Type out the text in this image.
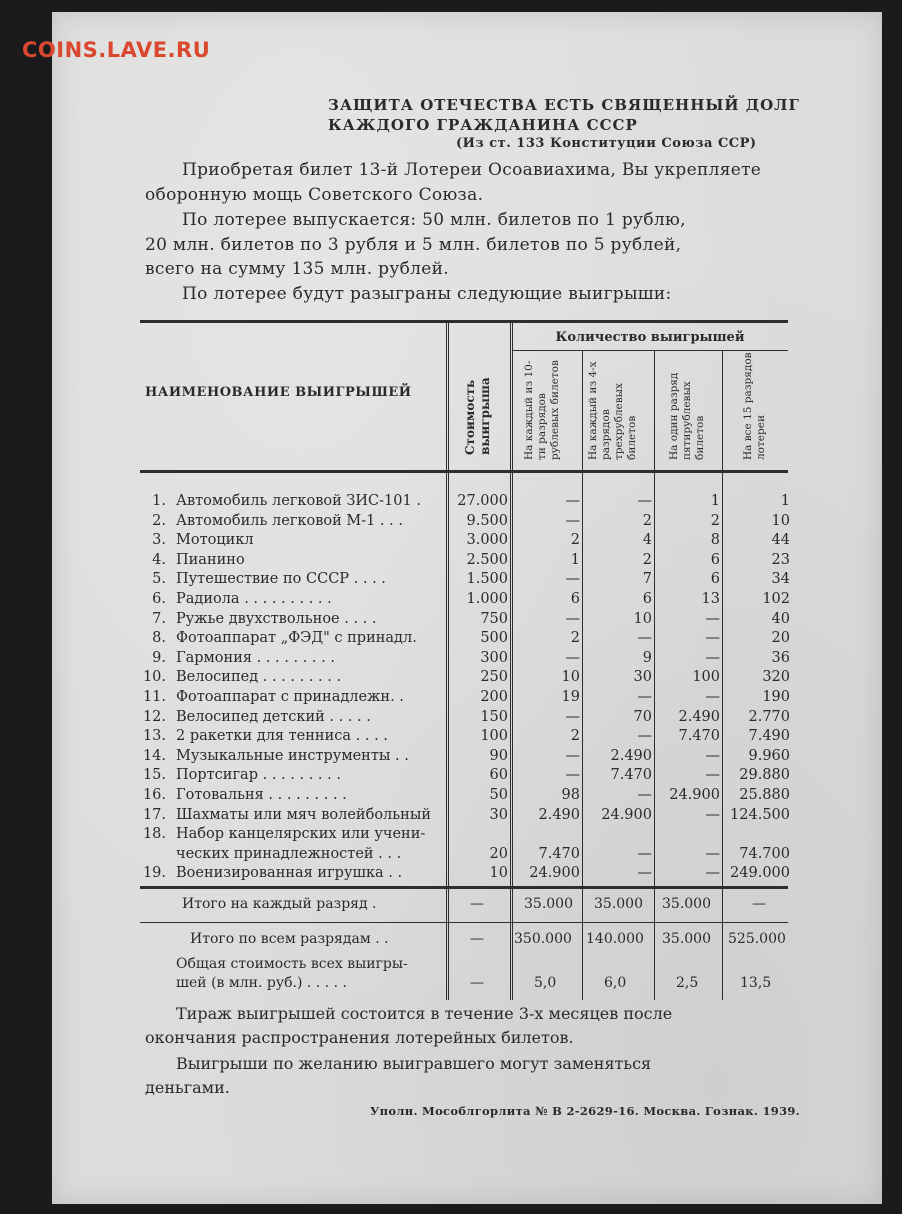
COINS.LAVE.RU
ЗАЩИТА ОТЕЧЕСТВА ЕСТЬ СВЯЩЕННЫЙ ДОЛГ
КАЖДОГО ГРАЖДАНИНА СССР
(Из ст. 133 Конституции Союза ССР)
Приобретая билет 13-й Лотереи Осоавиахима, Вы укрепляете
оборонную мощь Советского Союза.
По лотерее выпускается: 50 млн. билетов по 1 рублю,
20 млн. билетов по 3 рубля и 5 млн. билетов по 5 рублей,
всего на сумму 135 млн. рублей.
По лотерее будут разыграны следующие выигрыши:
НАИМЕНОВАНИЕ ВЫИГРЫШЕЙ
Количество выигрышей
Стоимость выигрыша	На каждый из 10-ти разрядов рублевых билетов	На каждый из 4-х разрядов трехрублевых билетов	На один разряд пятирублевых билетов	На все 15 разрядов лотереи
1. Автомобиль легковой ЗИС-101 .	27.000	—	—	1	1
2. Автомобиль легковой М-1 . . .	9.500	—	2	2	10
3. Мотоцикл	3.000	2	4	8	44
4. Пианино	2.500	1	2	6	23
5. Путешествие по СССР . . . .	1.500	—	7	6	34
6. Радиола . . . . . . . . . .	1.000	6	6	13	102
7. Ружье двухствольное . . . .	750	—	10	—	40
8. Фотоаппарат „ФЭД" с принадл.	500	2	—	—	20
9. Гармония . . . . . . . . .	300	—	9	—	36
10. Велосипед . . . . . . . . .	250	10	30	100	320
11. Фотоаппарат с принадлежн. .	200	19	—	—	190
12. Велосипед детский . . . . .	150	—	70	2.490	2.770
13. 2 ракетки для тенниса . . . .	100	2	—	7.470	7.490
14. Музыкальные инструменты . .	90	—	2.490	—	9.960
15. Портсигар . . . . . . . . .	60	—	7.470	—	29.880
16. Готовальня . . . . . . . . .	50	98	—	24.900	25.880
17. Шахматы или мяч волейбольный	30	2.490	24.900	— 124.500
18. Набор канцелярских или учени-
ческих принадлежностей . . .	20	7.470	—	—	74.700
19. Военизированная игрушка . .	10	24.900	—	— 249.000
Итого на каждый разряд .	—	35.000 35.000 35.000	—
Итого по всем разрядам . .	— 350.000 140.000 35.000 525.000
Общая стоимость всех выигры-
шей (в млн. руб.) . . . . .	—	5,0	6,0	2,5	13,5
Тираж выигрышей состоится в течение 3-х месяцев после
окончания распространения лотерейных билетов.
Выигрыши по желанию выигравшего могут заменяться
деньгами.
Уполн. Мособлгорлита № В 2-2629-16. Москва. Гознак. 1939.
